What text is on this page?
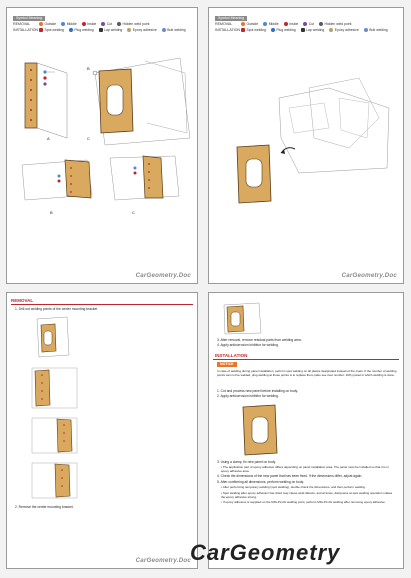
Symbol Meaning
REMOVAL	Outside	Middle	Inside	Cut	Hidden weld point
INSTALLATION Spot welding	Plug welding	Lap welding	Epoxy adhesive	Butt welding
A
B
C
B	C
CarGeometry.Doc
Symbol Meaning
REMOVAL	Outside	Middle	Inside	Cut	Hidden weld point
INSTALLATION Spot welding	Plug welding	Lap welding	Epoxy adhesive	Butt welding
CarGeometry.Doc
REMOVAL
1. Drill out welding points of the center mounting bracket.
2. Remove the center mounting bracket.
CarGeometry.Doc
3. After removal, remove residual parts from welding area.
4. Apply anticorrosion inhibitor for welding.
INSTALLATION
NOTICE
In case of welding during panel installation, perform spot welding on all places designated instead of the rivets. If the number of welding points can not be welded, plug welding at those points is to replace them (also see rivet number: 10%) panel in which welding is done.
1. Cut and process new panel before installing on body.
2. Apply anticorrosion inhibitor for welding.
3. Using a clamp, fix new panel on body.
• The application part of epoxy adhesive differs depending on panel installation area. The panel must be installed so that it is in epoxy adhesive area.
4. Check the dimensions of the new panel that has been fixed. If the dimensions differ, adjust again.
5. After confirming all dimensions, perform welding on body.
• After performing temporary welding (spot welding), double check the dimensions, and then perform welding.
• Spot welding after epoxy adhesion has dried may cause weld defects, and at times, dampness at spot welding operation makes the epoxy adhesive strong.
• If epoxy adhesive is supplied on the MIG-PLUG welding point, perform MIG-PLUG welding after removing epoxy adhesive.
CarGeometry
